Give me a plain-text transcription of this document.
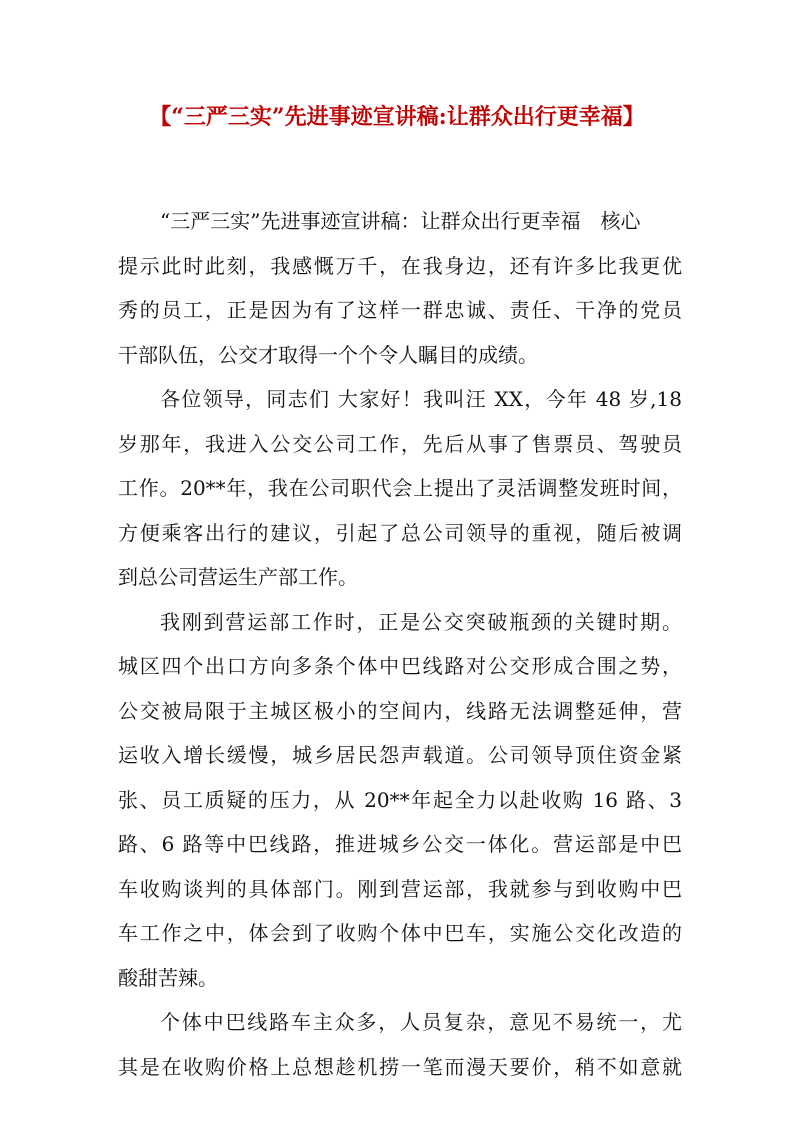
【“三严三实”先进事迹宣讲稿:让群众出行更幸福】
“三严三实”先进事迹宣讲稿：让群众出行更幸福　核心
提示此时此刻，我感慨万千，在我身边，还有许多比我更优
秀的员工，正是因为有了这样一群忠诚、责任、干净的党员
干部队伍，公交才取得一个个令人瞩目的成绩。
各位领导，同志们 大家好！我叫汪 XX，今年 48 岁,18
岁那年，我进入公交公司工作，先后从事了售票员、驾驶员
工作。20**年，我在公司职代会上提出了灵活调整发班时间，
方便乘客出行的建议，引起了总公司领导的重视，随后被调
到总公司营运生产部工作。
我刚到营运部工作时，正是公交突破瓶颈的关键时期。
城区四个出口方向多条个体中巴线路对公交形成合围之势，
公交被局限于主城区极小的空间内，线路无法调整延伸，营
运收入增长缓慢，城乡居民怨声载道。公司领导顶住资金紧
张、员工质疑的压力，从 20**年起全力以赴收购 16 路、3
路、6 路等中巴线路，推进城乡公交一体化。营运部是中巴
车收购谈判的具体部门。刚到营运部，我就参与到收购中巴
车工作之中，体会到了收购个体中巴车，实施公交化改造的
酸甜苦辣。
个体中巴线路车主众多，人员复杂，意见不易统一，尤
其是在收购价格上总想趁机捞一笔而漫天要价，稍不如意就
